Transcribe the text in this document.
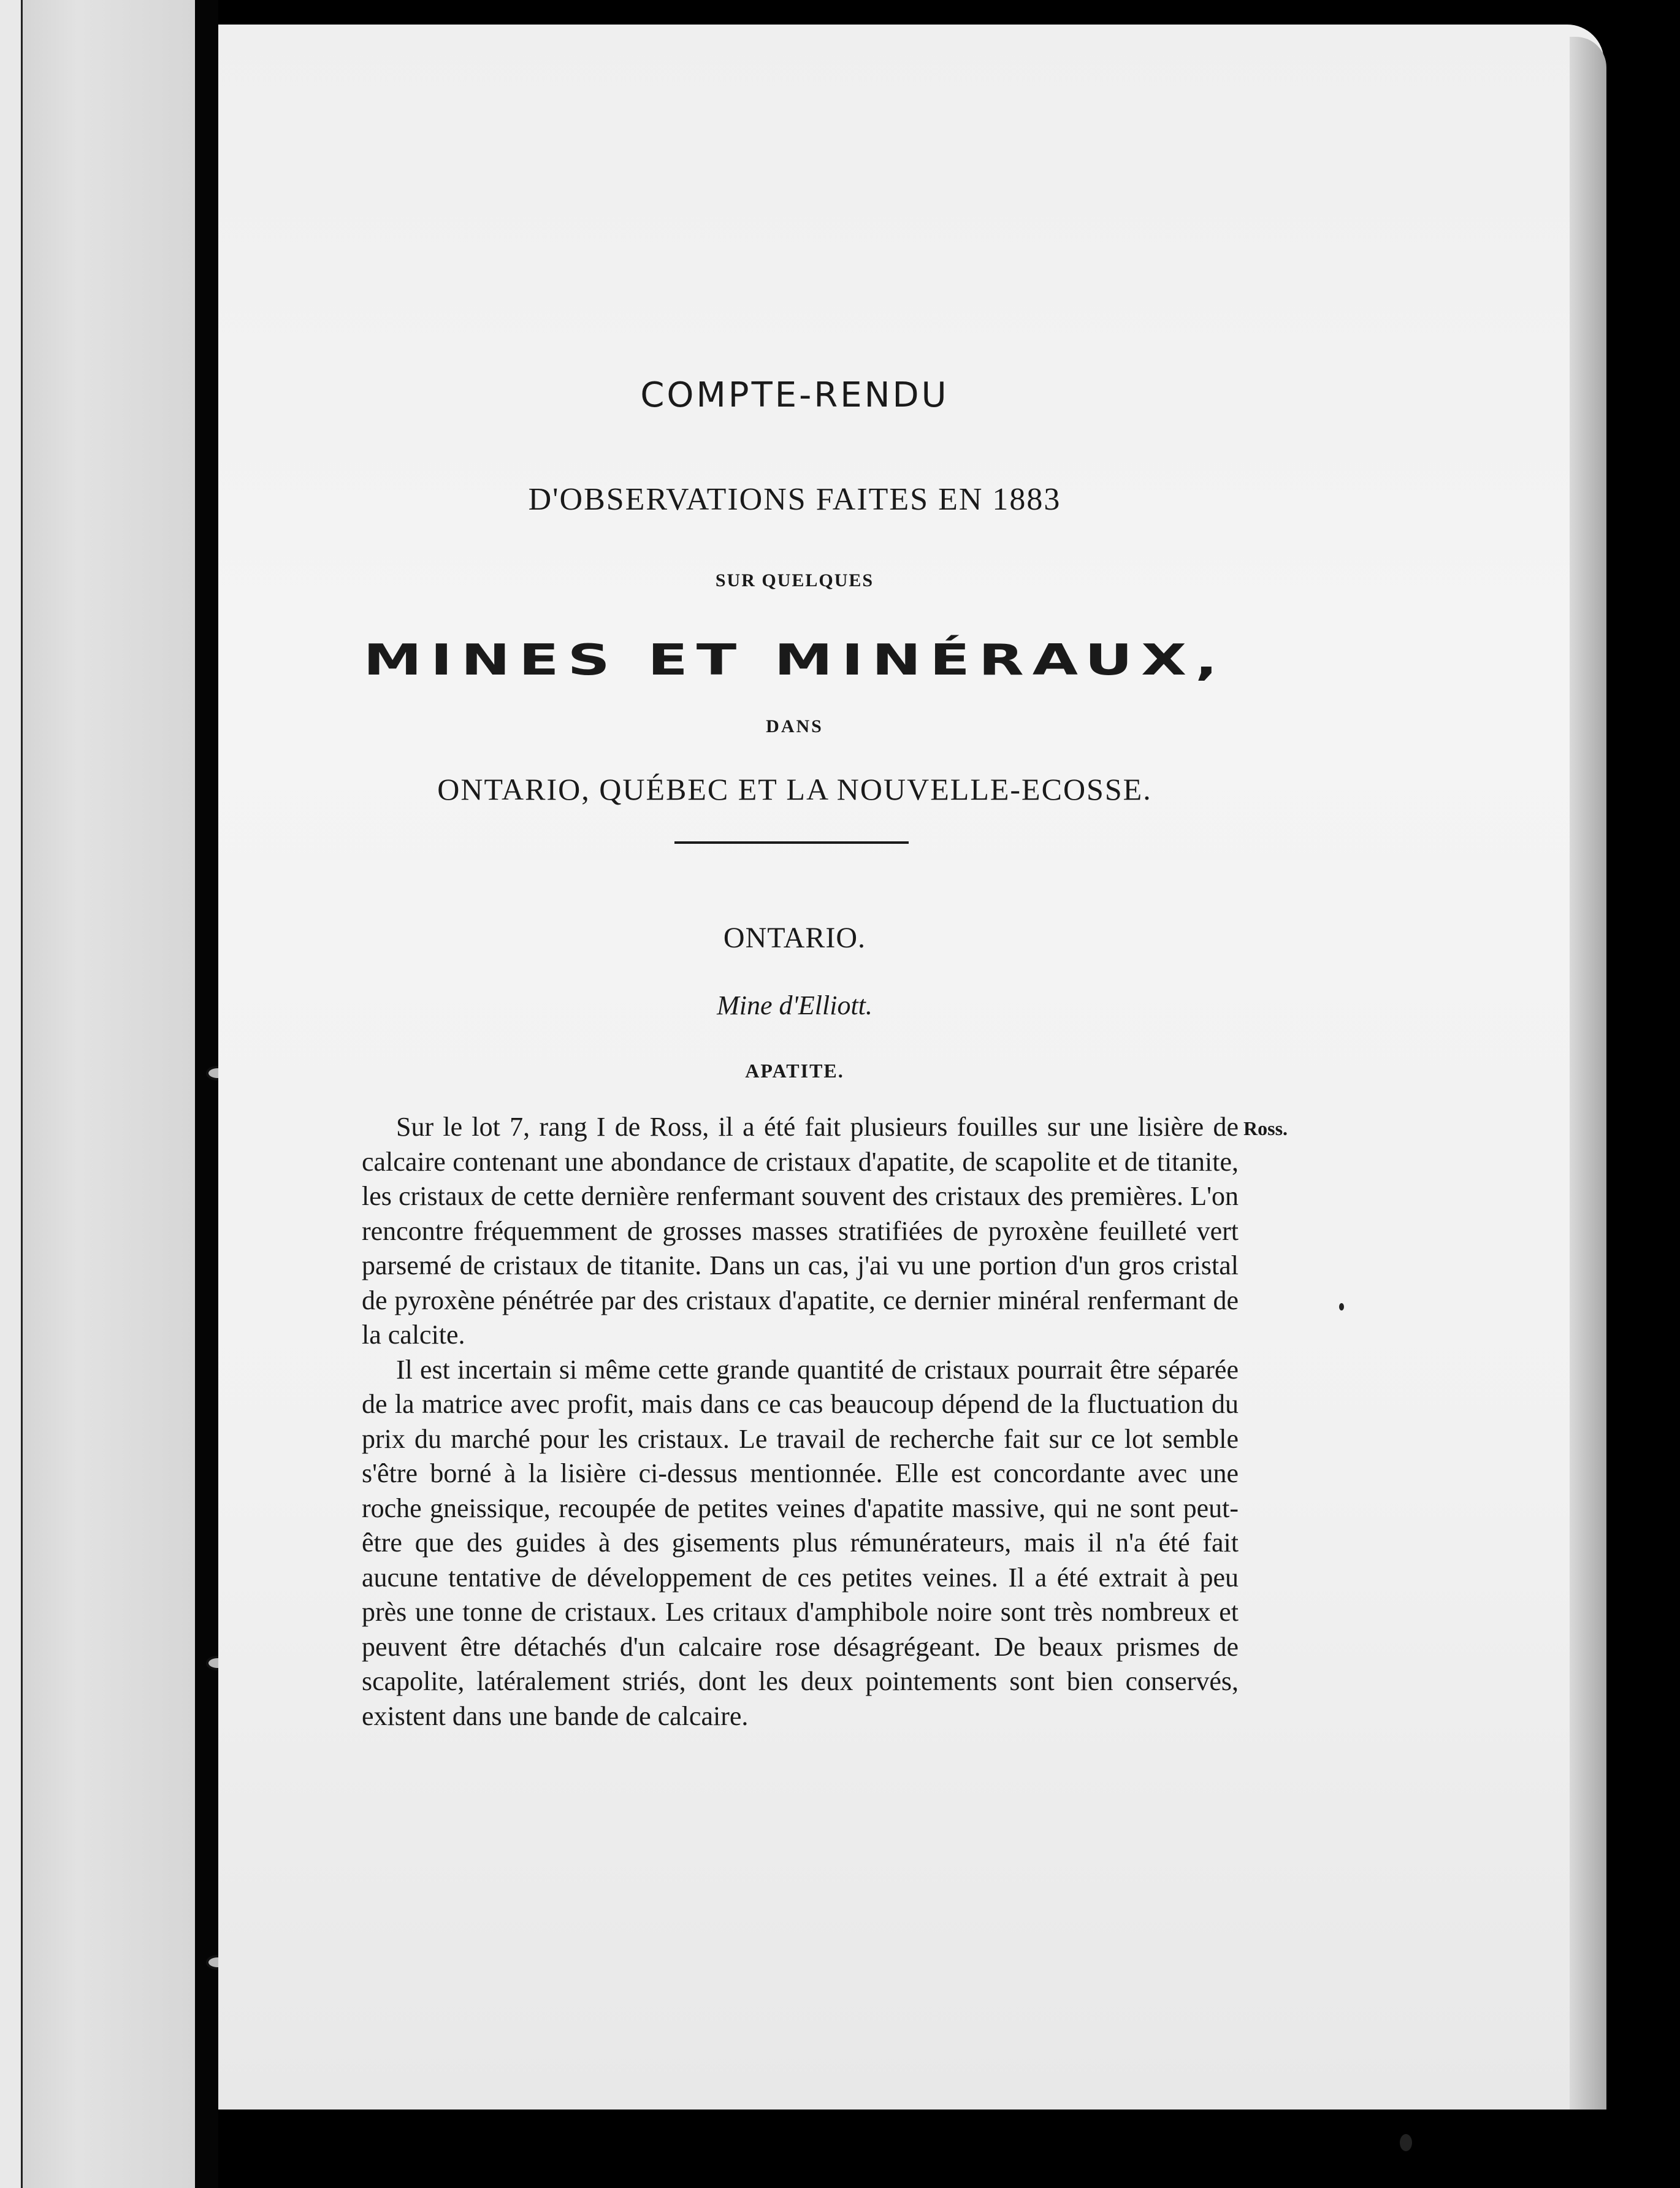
COMPTE-RENDU
D'OBSERVATIONS FAITES EN 1883
SUR QUELQUES
MINES ET MINÉRAUX,
DANS
ONTARIO, QUÉBEC ET LA NOUVELLE-ECOSSE.
ONTARIO.
Mine d'Elliott.
APATITE.
Ross.

Sur le lot 7, rang I de Ross, il a été fait plusieurs fouilles sur une lisière de calcaire contenant une abondance de cristaux d'apatite, de scapolite et de titanite, les cristaux de cette dernière renfermant souvent des cristaux des premières. L'on rencontre fréquemment de grosses masses stratifiées de pyroxène feuilleté vert parsemé de cristaux de titanite. Dans un cas, j'ai vu une portion d'un gros cristal de pyroxène pénétrée par des cristaux d'apatite, ce dernier minéral renfermant de la calcite.

Il est incertain si même cette grande quantité de cristaux pourrait être séparée de la matrice avec profit, mais dans ce cas beaucoup dépend de la fluctuation du prix du marché pour les cristaux. Le travail de recherche fait sur ce lot semble s'être borné à la lisière ci-dessus mentionnée. Elle est concordante avec une roche gneissique, recoupée de petites veines d'apatite massive, qui ne sont peut-être que des guides à des gisements plus rémunérateurs, mais il n'a été fait aucune tentative de développement de ces petites veines. Il a été extrait à peu près une tonne de cristaux. Les critaux d'amphibole noire sont très nombreux et peuvent être détachés d'un calcaire rose désagrégeant. De beaux prismes de scapolite, latéralement striés, dont les deux pointements sont bien conservés, existent dans une bande de calcaire.
